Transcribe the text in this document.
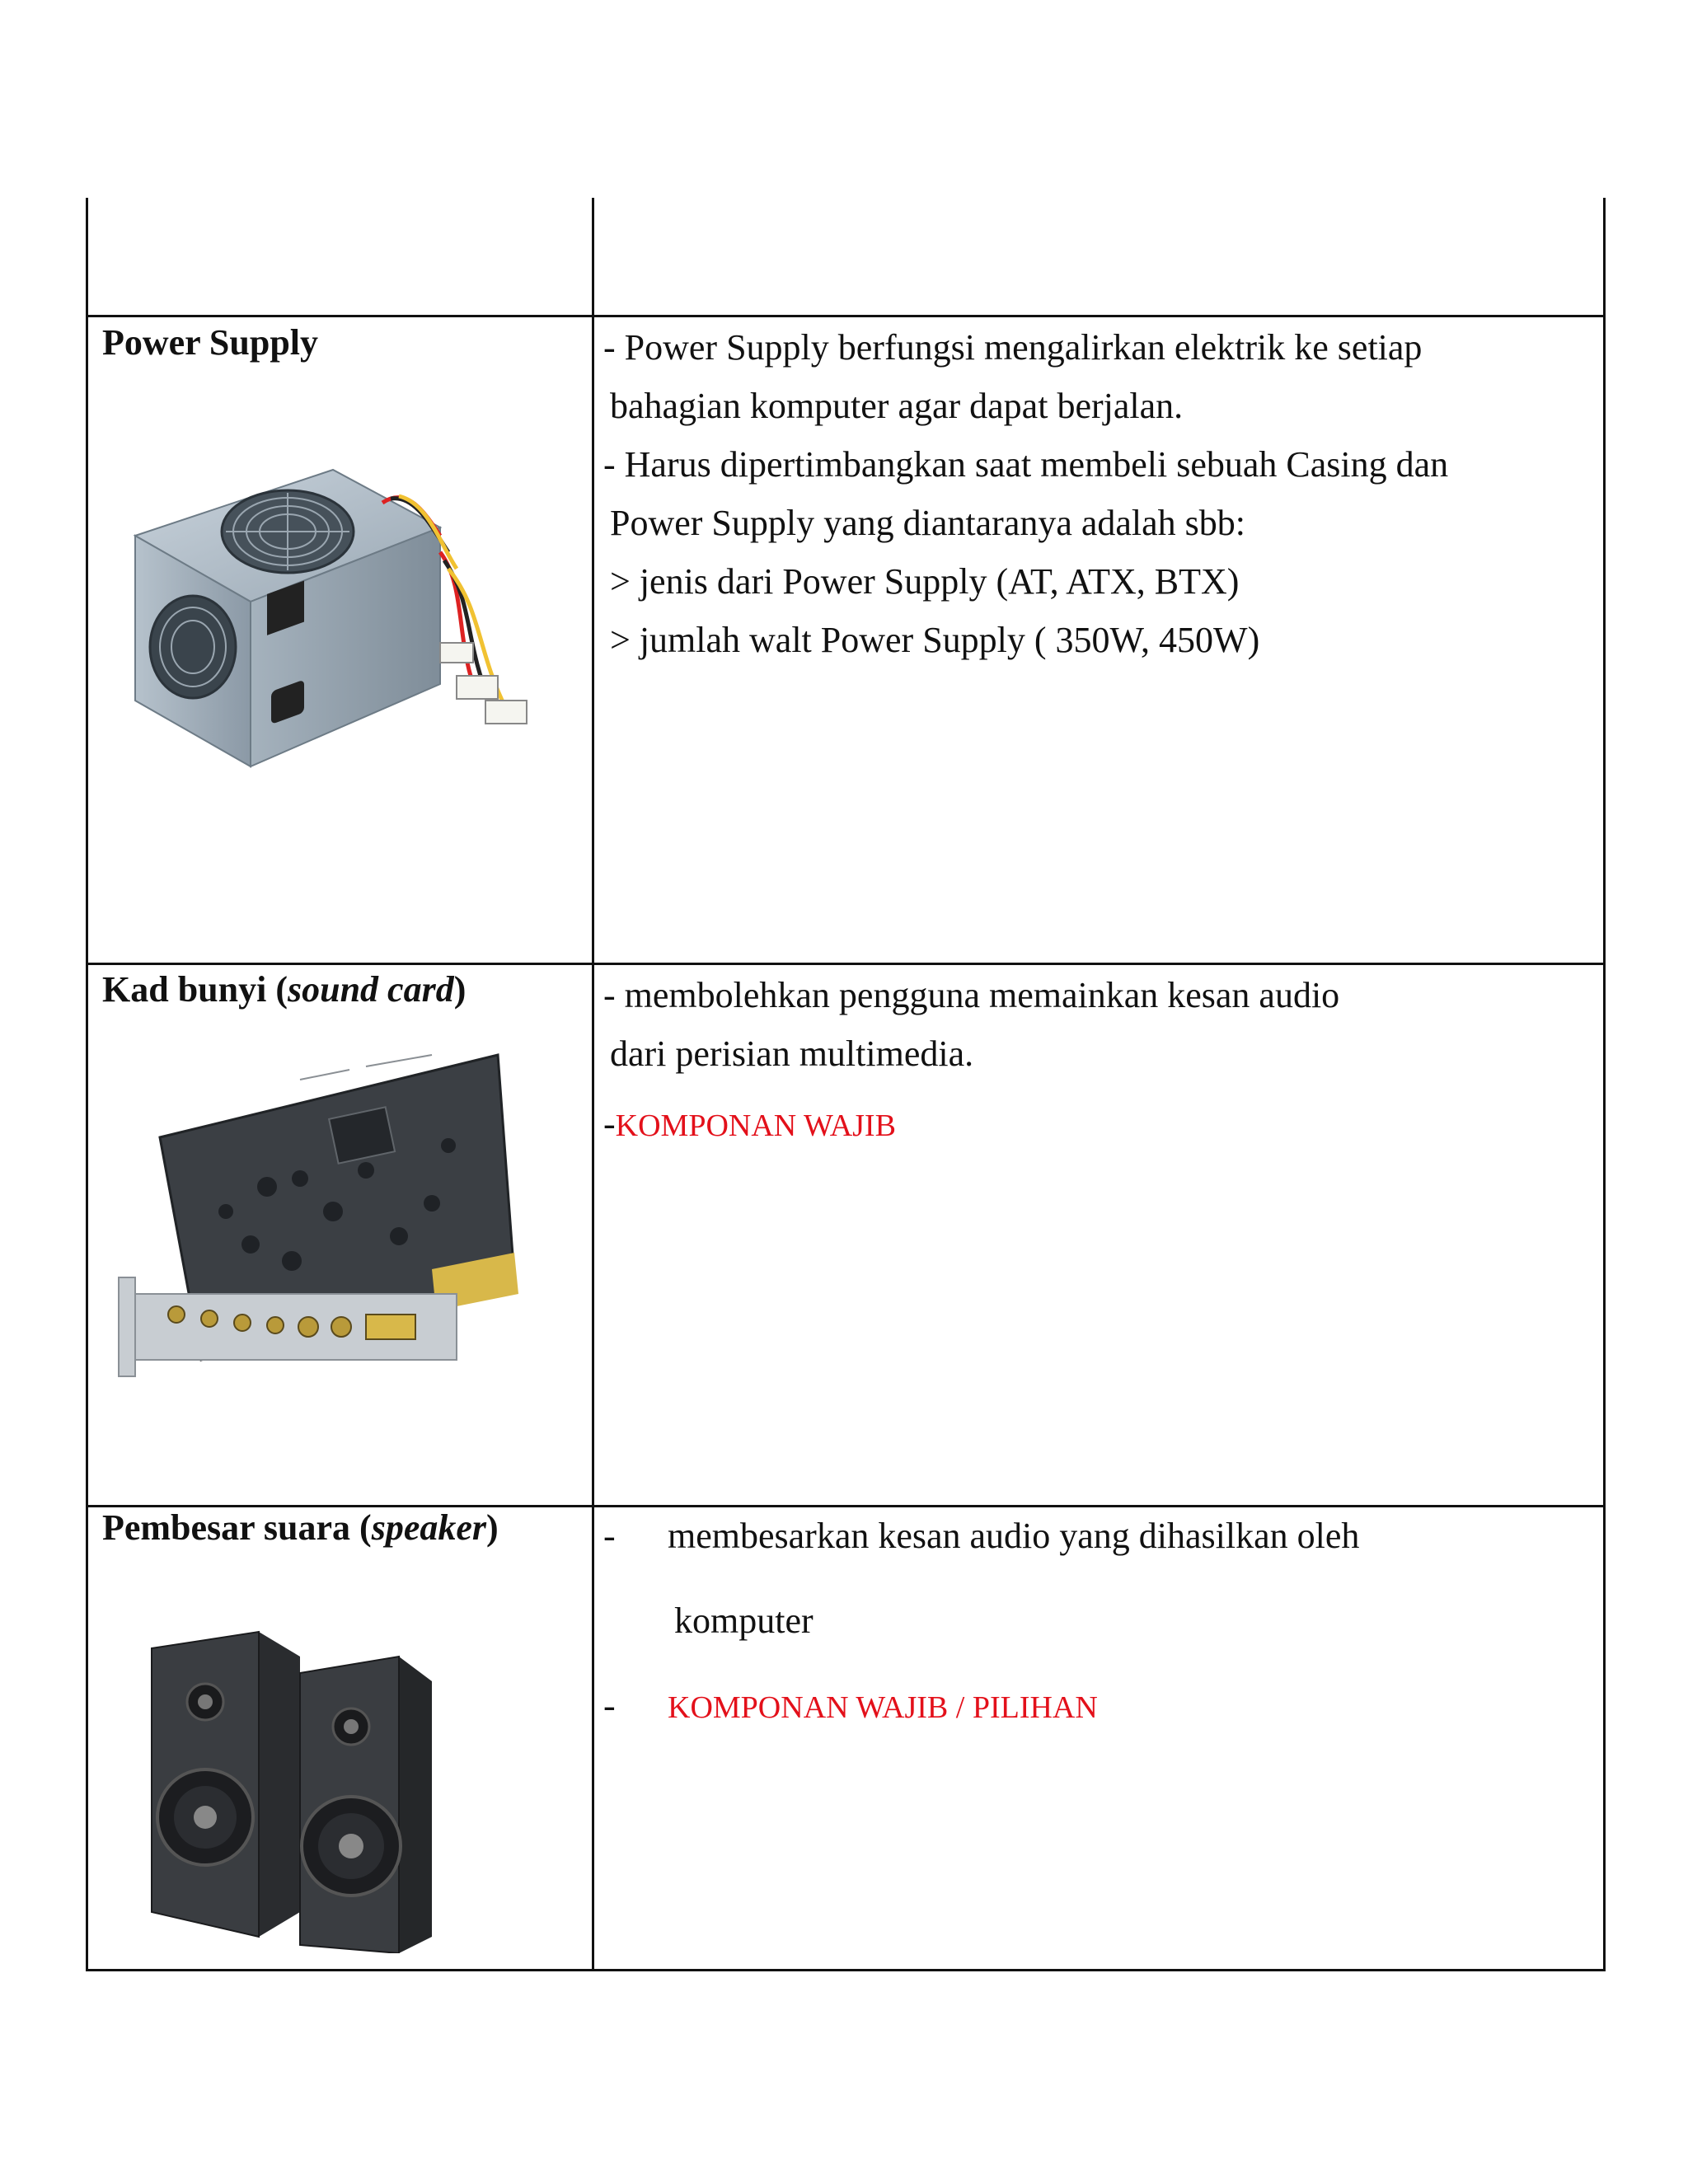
Power Supply	- Power Supply berfungsi mengalirkan elektrik ke setiap
bahagian komputer agar dapat berjalan.
- Harus dipertimbangkan saat membeli sebuah Casing dan
Power Supply yang diantaranya adalah sbb:
> jenis dari Power Supply (AT, ATX, BTX)
> jumlah walt Power Supply ( 350W, 450W)
Kad bunyi (sound card)	- membolehkan pengguna memainkan kesan audio
dari perisian multimedia.
-KOMPONAN WAJIB
Pembesar suara (speaker)	- membesarkan kesan audio yang dihasilkan oleh
komputer
- KOMPONAN WAJIB / PILIHAN
